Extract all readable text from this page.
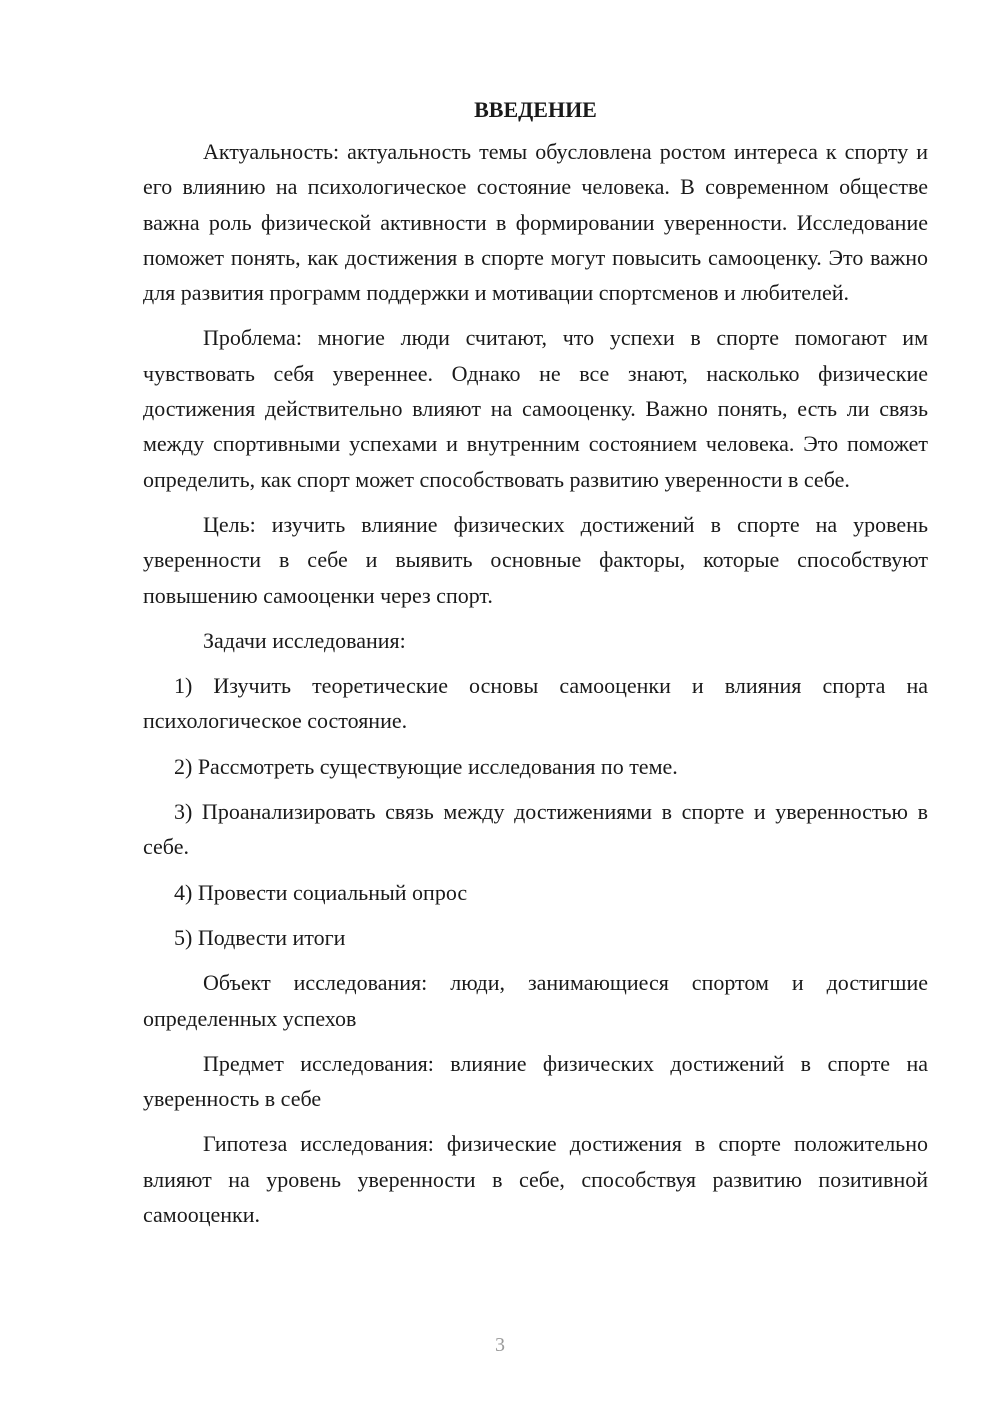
ВВЕДЕНИЕ

Актуальность: актуальность темы обусловлена ростом интереса к спорту и его влиянию на психологическое состояние человека. В современном обществе важна роль физической активности в формировании уверенности. Исследование поможет понять, как достижения в спорте могут повысить самооценку. Это важно для развития программ поддержки и мотивации спортсменов и любителей.

Проблема: многие люди считают, что успехи в спорте помогают им чувствовать себя увереннее. Однако не все знают, насколько физические достижения действительно влияют на самооценку. Важно понять, есть ли связь между спортивными успехами и внутренним состоянием человека. Это поможет определить, как спорт может способствовать развитию уверенности в себе.

Цель: изучить влияние физических достижений в спорте на уровень уверенности в себе и выявить основные факторы, которые способствуют повышению самооценки через спорт.

Задачи исследования:

1) Изучить теоретические основы самооценки и влияния спорта на психологическое состояние.

2) Рассмотреть существующие исследования по теме.

3) Проанализировать связь между достижениями в спорте и уверенностью в себе.

4) Провести социальный опрос

5) Подвести итоги

Объект исследования: люди, занимающиеся спортом и достигшие определенных успехов

Предмет исследования: влияние физических достижений в спорте на уверенность в себе

Гипотеза исследования: физические достижения в спорте положительно влияют на уровень уверенности в себе, способствуя развитию позитивной самооценки.

3
